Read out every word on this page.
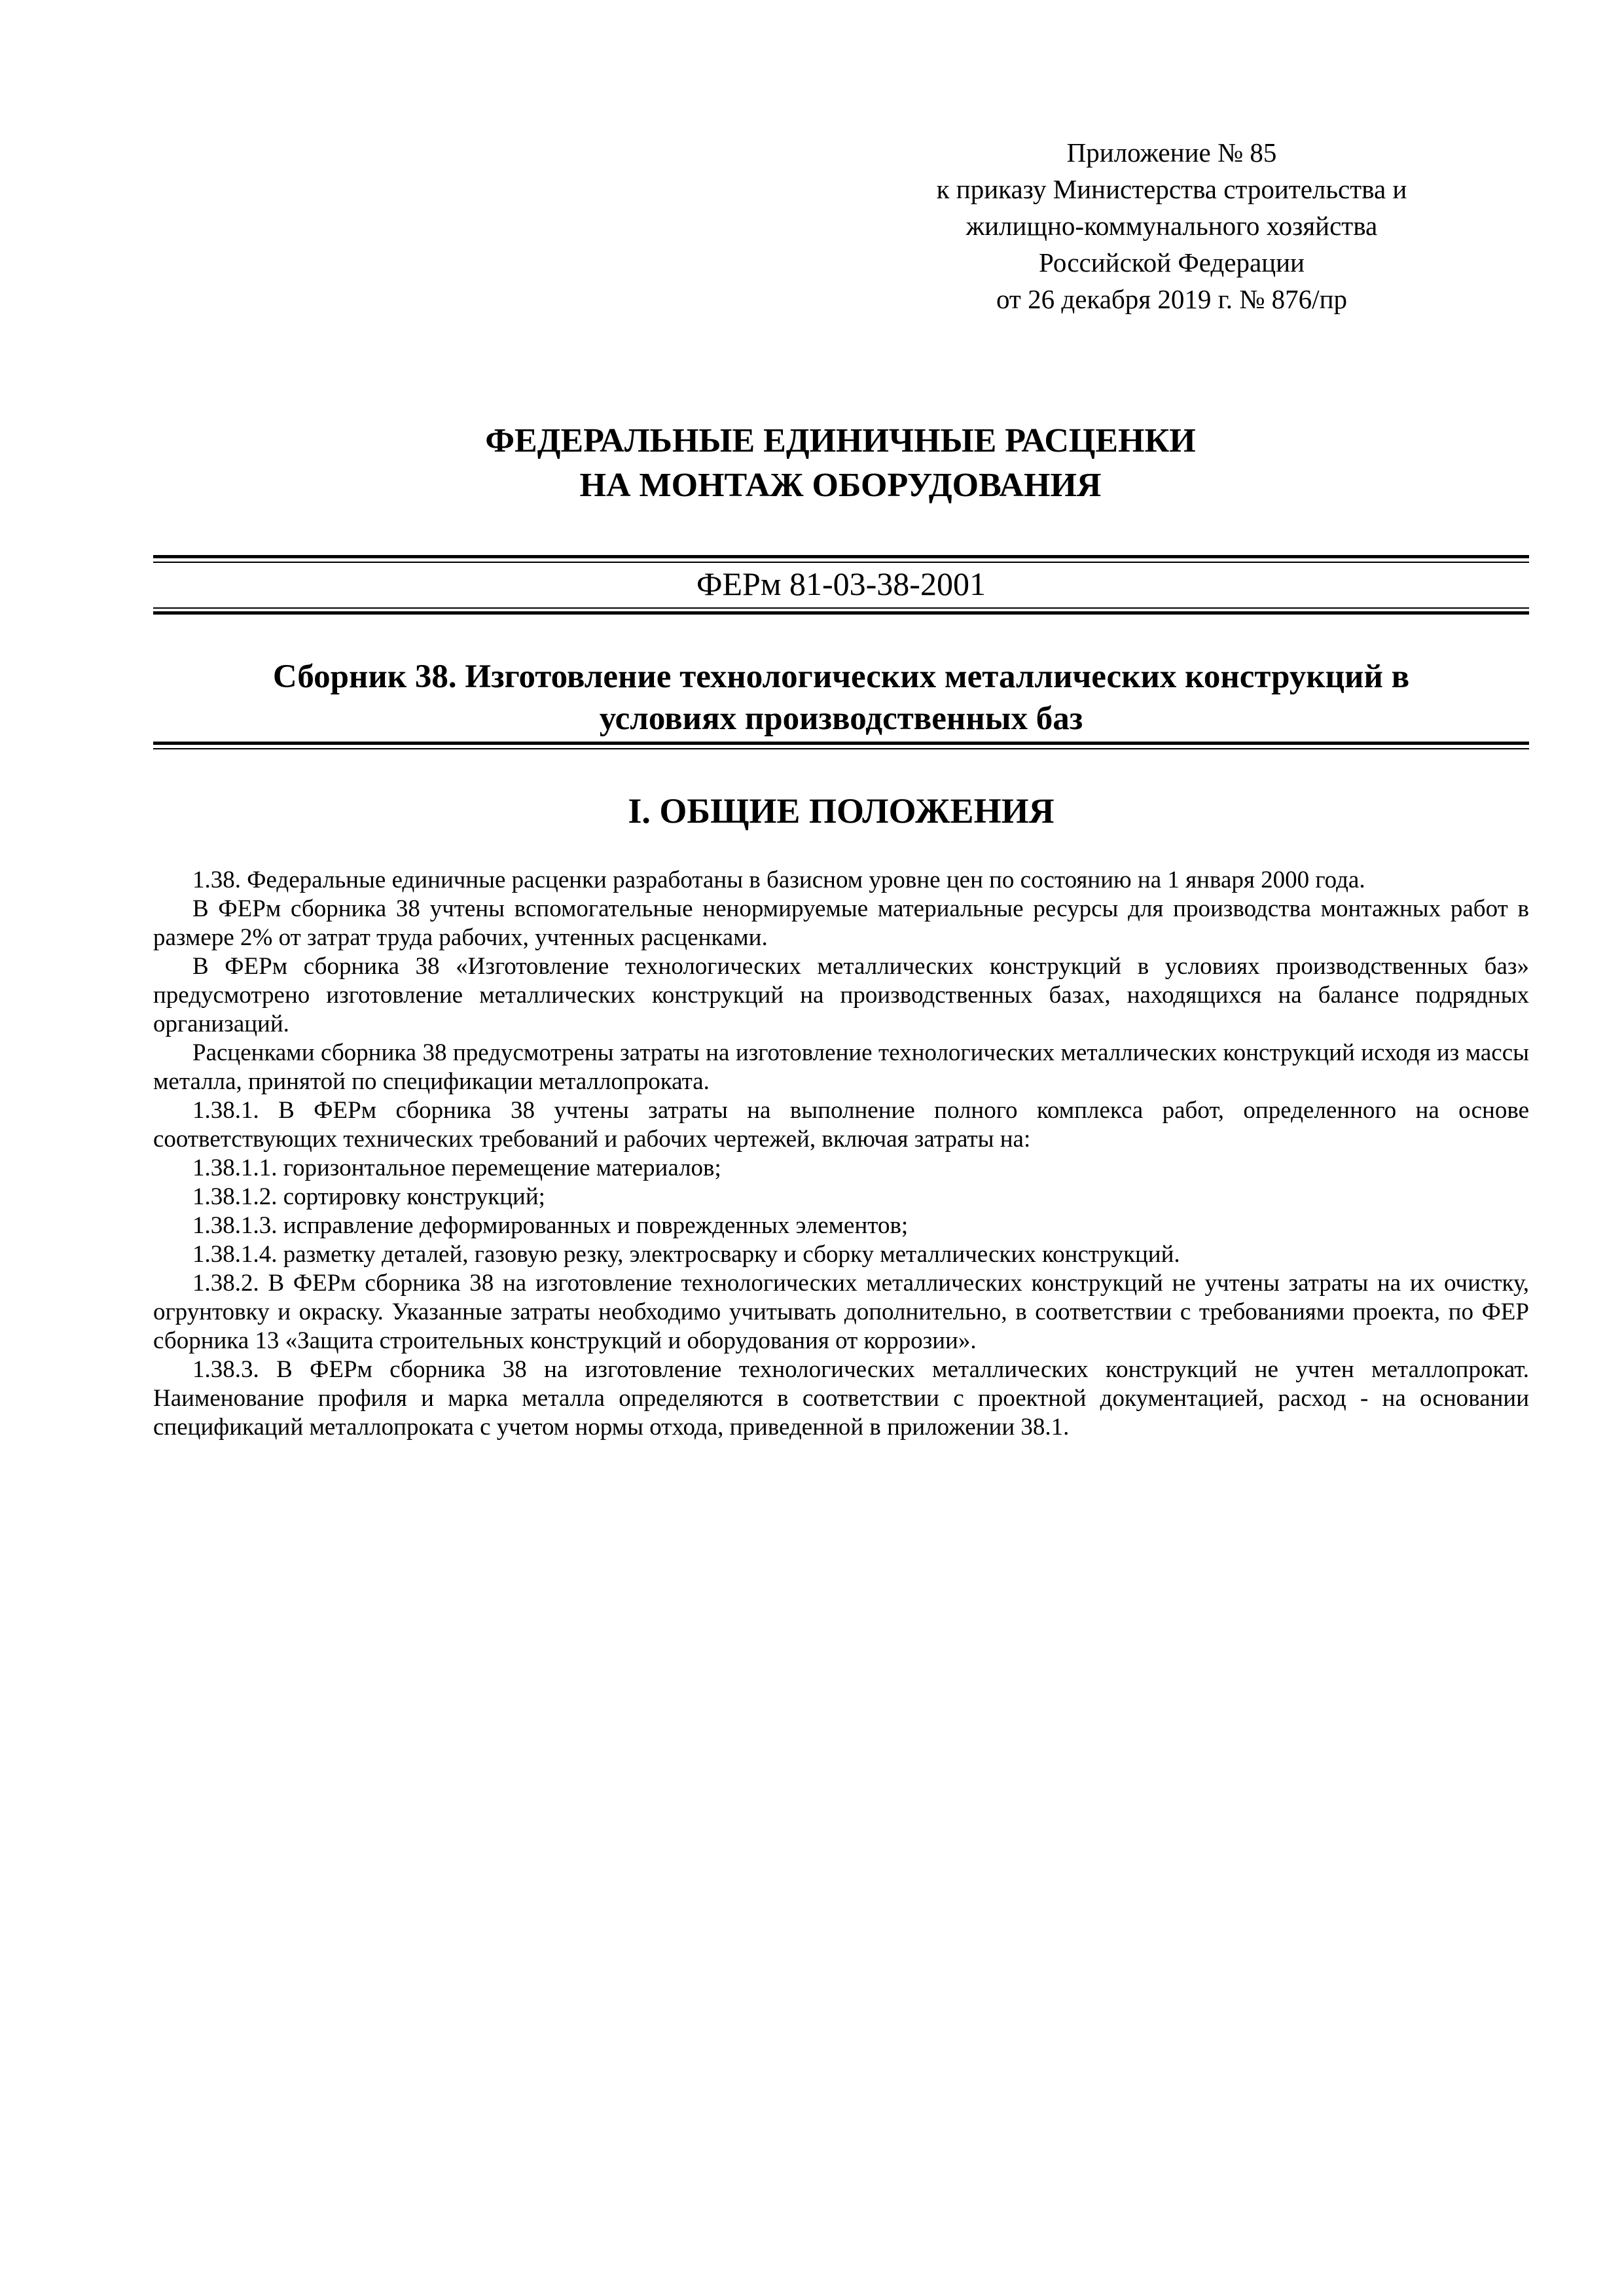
Приложение № 85
к приказу Министерства строительства и
жилищно-коммунального хозяйства
Российской Федерации
от 26 декабря 2019 г. № 876/пр
ФЕДЕРАЛЬНЫЕ ЕДИНИЧНЫЕ РАСЦЕНКИ
НА МОНТАЖ ОБОРУДОВАНИЯ
ФЕРм 81-03-38-2001
Сборник 38. Изготовление технологических металлических конструкций в
условиях производственных баз
I. ОБЩИЕ ПОЛОЖЕНИЯ

1.38. Федеральные единичные расценки разработаны в базисном уровне цен по состоянию на 1 января 2000 года.

В ФЕРм сборника 38 учтены вспомогательные ненормируемые материальные ресурсы для производства монтажных работ в размере 2% от затрат труда рабочих, учтенных расценками.

В ФЕРм сборника 38 «Изготовление технологических металлических конструкций в условиях производственных баз» предусмотрено изготовление металлических конструкций на производственных базах, находящихся на балансе подрядных организаций.

Расценками сборника 38 предусмотрены затраты на изготовление технологических металлических конструкций исходя из массы металла, принятой по спецификации металлопроката.

1.38.1. В ФЕРм сборника 38 учтены затраты на выполнение полного комплекса работ, определенного на основе соответствующих технических требований и рабочих чертежей, включая затраты на:

1.38.1.1. горизонтальное перемещение материалов;

1.38.1.2. сортировку конструкций;

1.38.1.3. исправление деформированных и поврежденных элементов;

1.38.1.4. разметку деталей, газовую резку, электросварку и сборку металлических конструкций.

1.38.2. В ФЕРм сборника 38 на изготовление технологических металлических конструкций не учтены затраты на их очистку, огрунтовку и окраску. Указанные затраты необходимо учитывать дополнительно, в соответствии с требованиями проекта, по ФЕР сборника 13 «Защита строительных конструкций и оборудования от коррозии».

1.38.3. В ФЕРм сборника 38 на изготовление технологических металлических конструкций не учтен металлопрокат. Наименование профиля и марка металла определяются в соответствии с проектной документацией, расход - на основании спецификаций металлопроката с учетом нормы отхода, приведенной в приложении 38.1.
